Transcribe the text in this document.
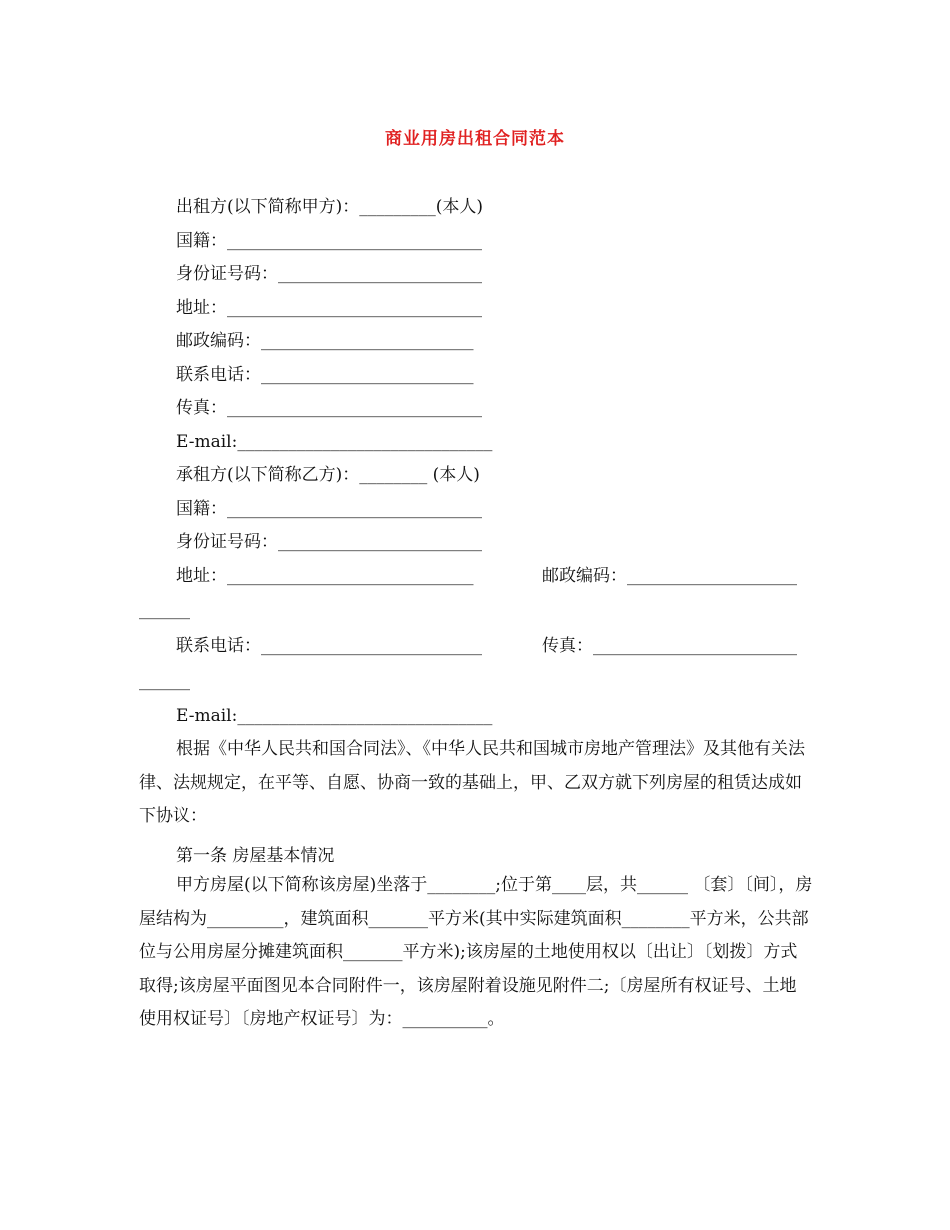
商业用房出租合同范本
出租方(以下简称甲方)：_________(本人)
国籍：______________________________
身份证号码：________________________
地址：______________________________
邮政编码：_________________________
联系电话：_________________________
传真：______________________________
E-mail:______________________________
承租方(以下简称乙方)：________ (本人)
国籍：______________________________
身份证号码：________________________
地址：_____________________________	邮政编码：____________________
______
联系电话：__________________________	传真：________________________
______
E-mail:______________________________
根据《中华人民共和国合同法》、《中华人民共和国城市房地产管理法》及其他有关法律、法规规定，在平等、自愿、协商一致的基础上，甲、乙双方就下列房屋的租赁达成如下协议：
第一条 房屋基本情况
甲方房屋(以下简称该房屋)坐落于________;位于第____层，共______ 〔套〕〔间〕，房屋结构为_________，建筑面积_______平方米(其中实际建筑面积________平方米，公共部位与公用房屋分摊建筑面积_______平方米);该房屋的土地使用权以〔出让〕〔划拨〕方式取得;该房屋平面图见本合同附件一，该房屋附着设施见附件二;〔房屋所有权证号、土地使用权证号〕〔房地产权证号〕为：__________。
